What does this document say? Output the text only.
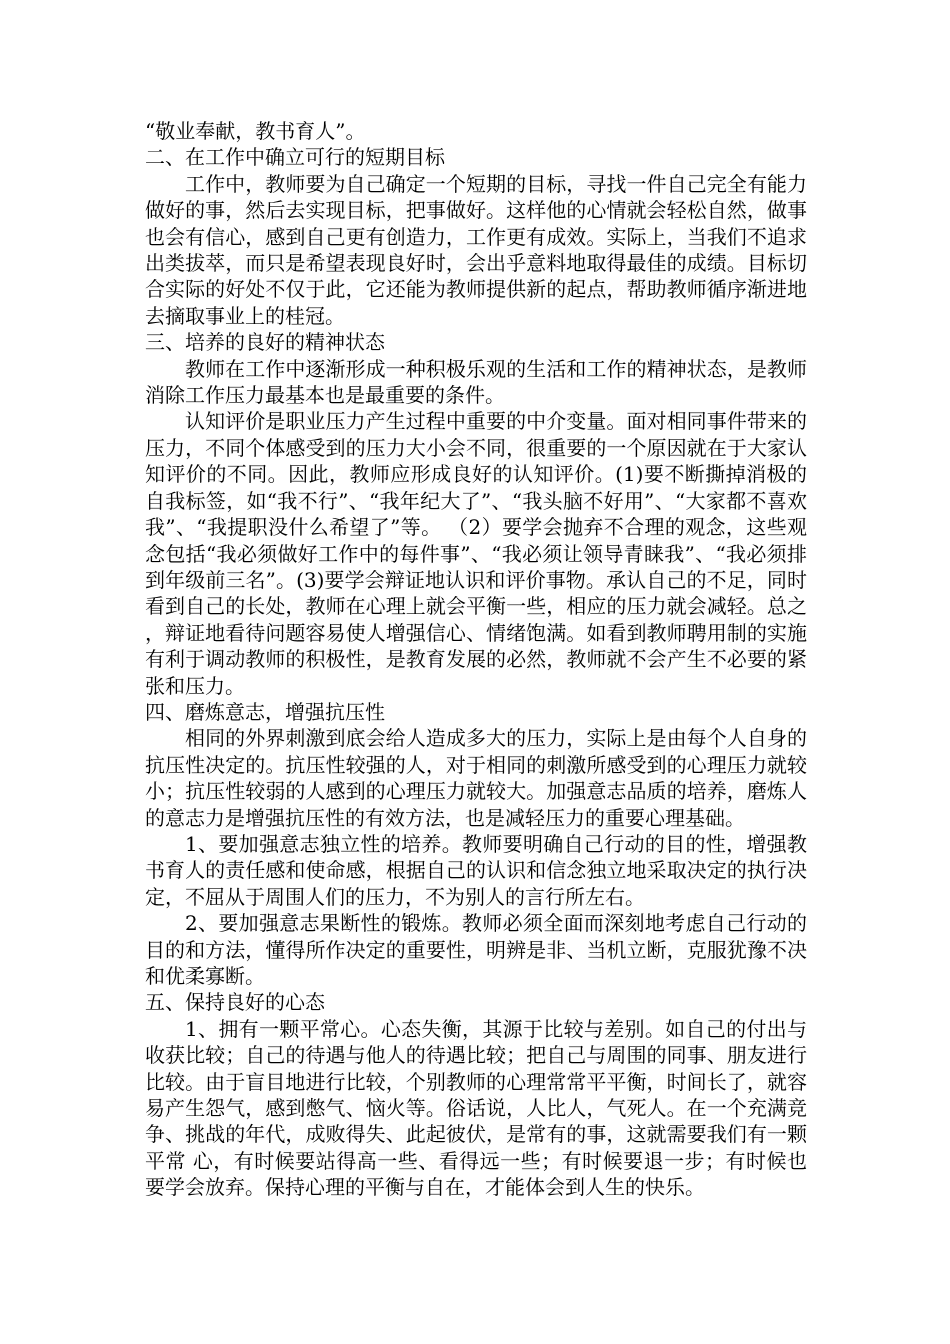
“敬业奉献，教书育人”。

二、在工作中确立可行的短期目标

工作中，教师要为自己确定一个短期的目标，寻找一件自己完全有能力做好的事，然后去实现目标，把事做好。这样他的心情就会轻松自然，做事也会有信心，感到自己更有创造力，工作更有成效。实际上，当我们不追求出类拔萃，而只是希望表现良好时，会出乎意料地取得最佳的成绩。目标切合实际的好处不仅于此，它还能为教师提供新的起点，帮助教师循序渐进地去摘取事业上的桂冠。

三、培养的良好的精神状态

教师在工作中逐渐形成一种积极乐观的生活和工作的精神状态，是教师消除工作压力最基本也是最重要的条件。

认知评价是职业压力产生过程中重要的中介变量。面对相同事件带来的压力，不同个体感受到的压力大小会不同，很重要的一个原因就在于大家认知评价的不同。因此，教师应形成良好的认知评价。(1)要不断撕掉消极的自我标签，如“我不行”、“我年纪大了”、“我头脑不好用”、“大家都不喜欢我”、“我提职没什么希望了”等。 （2）要学会抛弃不合理的观念，这些观念包括“我必须做好工作中的每件事”、“我必须让领导青睐我”、“我必须排到年级前三名”。(3)要学会辩证地认识和评价事物。承认自己的不足，同时看到自己的长处，教师在心理上就会平衡一些，相应的压力就会减轻。总之，辩证地看待问题容易使人增强信心、情绪饱满。如看到教师聘用制的实施有利于调动教师的积极性，是教育发展的必然，教师就不会产生不必要的紧张和压力。

四、磨炼意志，增强抗压性

相同的外界刺激到底会给人造成多大的压力，实际上是由每个人自身的抗压性决定的。抗压性较强的人，对于相同的刺激所感受到的心理压力就较小；抗压性较弱的人感到的心理压力就较大。加强意志品质的培养，磨炼人的意志力是增强抗压性的有效方法，也是减轻压力的重要心理基础。

1、要加强意志独立性的培养。教师要明确自己行动的目的性，增强教书育人的责任感和使命感，根据自己的认识和信念独立地采取决定的执行决定，不屈从于周围人们的压力，不为别人的言行所左右。

2、要加强意志果断性的锻炼。教师必须全面而深刻地考虑自己行动的目的和方法，懂得所作决定的重要性，明辨是非、当机立断，克服犹豫不决和优柔寡断。

五、保持良好的心态

1、拥有一颗平常心。心态失衡，其源于比较与差别。如自己的付出与收获比较；自己的待遇与他人的待遇比较；把自己与周围的同事、朋友进行比较。由于盲目地进行比较，个别教师的心理常常平平衡，时间长了，就容易产生怨气，感到憋气、恼火等。俗话说，人比人，气死人。在一个充满竞争、挑战的年代，成败得失、此起彼伏，是常有的事，这就需要我们有一颗平常 心，有时候要站得高一些、看得远一些；有时候要退一步；有时候也要学会放弃。保持心理的平衡与自在，才能体会到人生的快乐。
